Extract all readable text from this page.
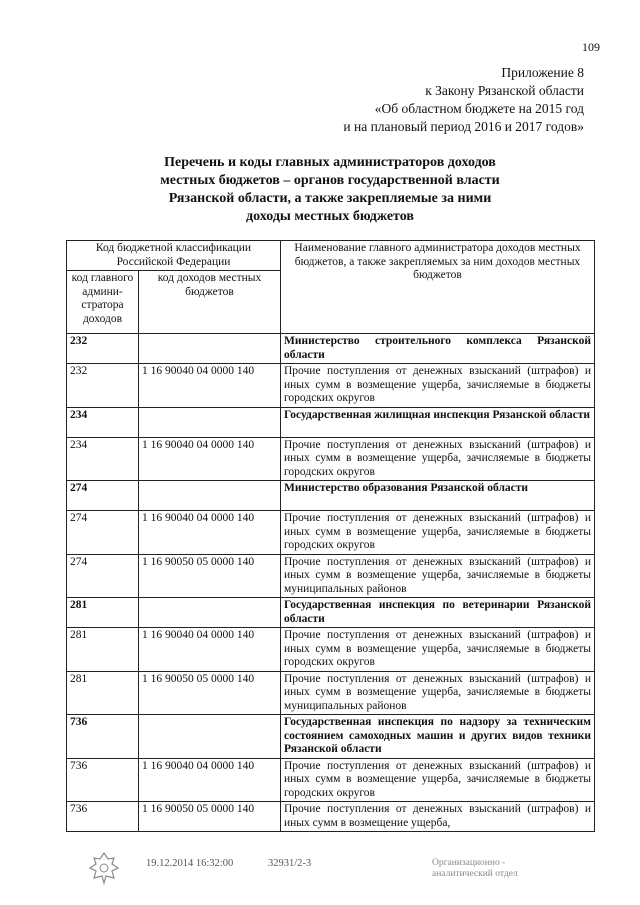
109
Приложение 8
к Закону Рязанской области
«Об областном бюджете на 2015 год
и на плановый период 2016 и 2017 годов»
Перечень и коды главных администраторов доходов
местных бюджетов – органов государственной власти
Рязанской области, а также закрепляемые за ними
доходы местных бюджетов
Код бюджетной классификации Российской Федерации		Наименование главного администратора доходов местных бюджетов, а также закрепляемых за ним доходов местных бюджетов
код главного админи-стратора доходов	код доходов местных бюджетов	
232		Министерство строительного комплекса Рязанской области
232	1 16 90040 04 0000 140	Прочие поступления от денежных взысканий (штрафов) и иных сумм в возмещение ущерба, зачисляемые в бюджеты городских округов
234		Государственная жилищная инспекция Рязанской области
234	1 16 90040 04 0000 140	Прочие поступления от денежных взысканий (штрафов) и иных сумм в возмещение ущерба, зачисляемые в бюджеты городских округов
274		Министерство образования Рязанской области
274	1 16 90040 04 0000 140	Прочие поступления от денежных взысканий (штрафов) и иных сумм в возмещение ущерба, зачисляемые в бюджеты городских округов
274	1 16 90050 05 0000 140	Прочие поступления от денежных взысканий (штрафов) и иных сумм в возмещение ущерба, зачисляемые в бюджеты муниципальных районов
281		Государственная инспекция по ветеринарии Рязанской области
281	1 16 90040 04 0000 140	Прочие поступления от денежных взысканий (штрафов) и иных сумм в возмещение ущерба, зачисляемые в бюджеты городских округов
281	1 16 90050 05 0000 140	Прочие поступления от денежных взысканий (штрафов) и иных сумм в возмещение ущерба, зачисляемые в бюджеты муниципальных районов
736		Государственная инспекция по надзору за техническим состоянием самоходных машин и других видов техники Рязанской области
736	1 16 90040 04 0000 140	Прочие поступления от денежных взысканий (штрафов) и иных сумм в возмещение ущерба, зачисляемые в бюджеты городских округов
736	1 16 90050 05 0000 140	Прочие поступления от денежных взысканий (штрафов) и иных сумм в возмещение ущерба,
19.12.2014 16:32:00	32931/2-3	Организационно -
аналитический отдел
